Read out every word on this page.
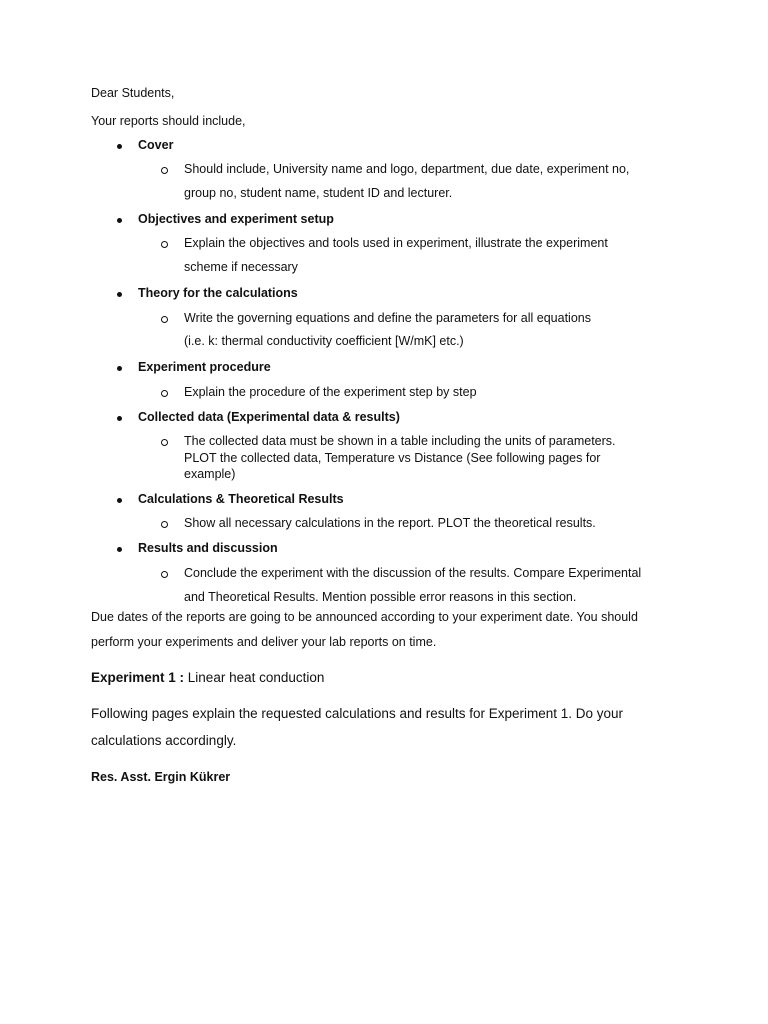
Dear Students,
Your reports should include,
Cover
Should include, University name and logo, department, due date, experiment no,
group no, student name, student ID and lecturer.
Objectives and experiment setup
Explain the objectives and tools used in experiment, illustrate the experiment
scheme if necessary
Theory for the calculations
Write the governing equations and define the parameters for all equations
(i.e. k: thermal conductivity coefficient [W/mK] etc.)
Experiment procedure
Explain the procedure of the experiment step by step
Collected data (Experimental data & results)
The collected data must be shown in a table including the units of parameters.
PLOT the collected data, Temperature vs Distance (See following pages for
example)
Calculations & Theoretical Results
Show all necessary calculations in the report. PLOT the theoretical results.
Results and discussion
Conclude the experiment with the discussion of the results. Compare Experimental
and Theoretical Results. Mention possible error reasons in this section.
Due dates of the reports are going to be announced according to your experiment date. You should
perform your experiments and deliver your lab reports on time.
Experiment 1 : Linear heat conduction
Following pages explain the requested calculations and results for Experiment 1. Do your
calculations accordingly.
Res. Asst. Ergin Kükrer
